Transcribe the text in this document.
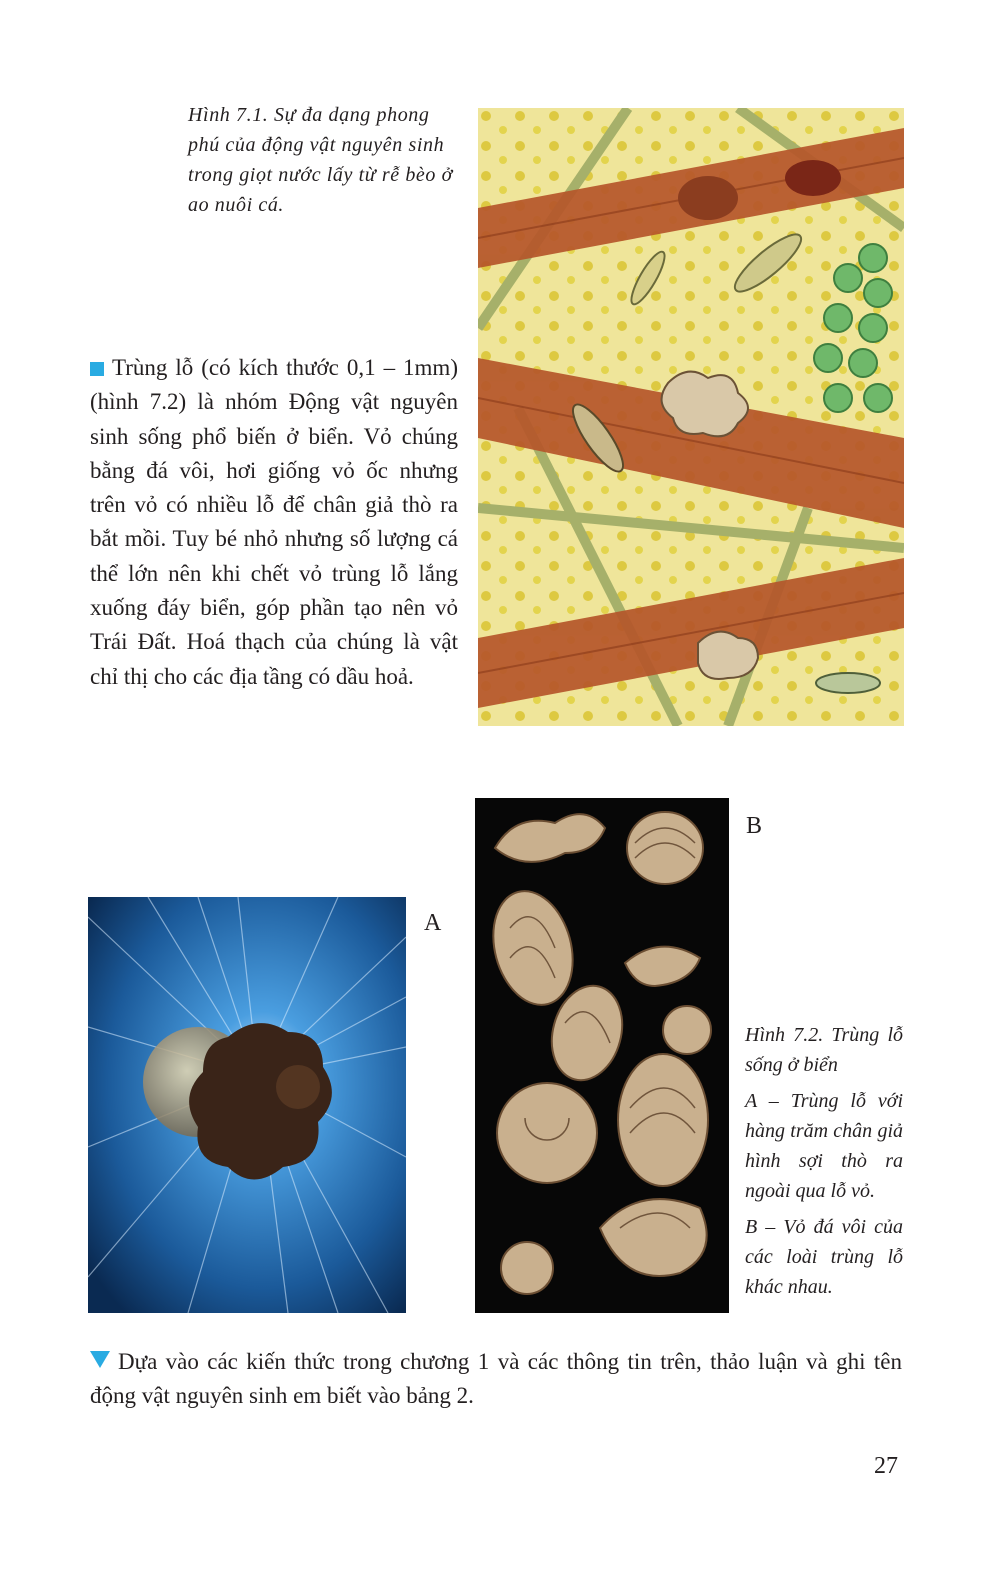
Hình 7.1. Sự đa dạng phong phú của động vật nguyên sinh trong giọt nước lấy từ rễ bèo ở ao nuôi cá.
Trùng lỗ (có kích thước 0,1 – 1mm) (hình 7.2) là nhóm Động vật nguyên sinh sống phổ biến ở biển. Vỏ chúng bằng đá vôi, hơi giống vỏ ốc nhưng trên vỏ có nhiều lỗ để chân giả thò ra bắt mồi. Tuy bé nhỏ nhưng số lượng cá thể lớn nên khi chết vỏ trùng lỗ lắng xuống đáy biển, góp phần tạo nên vỏ Trái Đất. Hoá thạch của chúng là vật chỉ thị cho các địa tầng có dầu hoả.
A
B
Hình 7.2. Trùng lỗ sống ở biển
A – Trùng lỗ với hàng trăm chân giả hình sợi thò ra ngoài qua lỗ vỏ.
B – Vỏ đá vôi của các loài trùng lỗ khác nhau.
Dựa vào các kiến thức trong chương 1 và các thông tin trên, thảo luận và ghi tên động vật nguyên sinh em biết vào bảng 2.
27
